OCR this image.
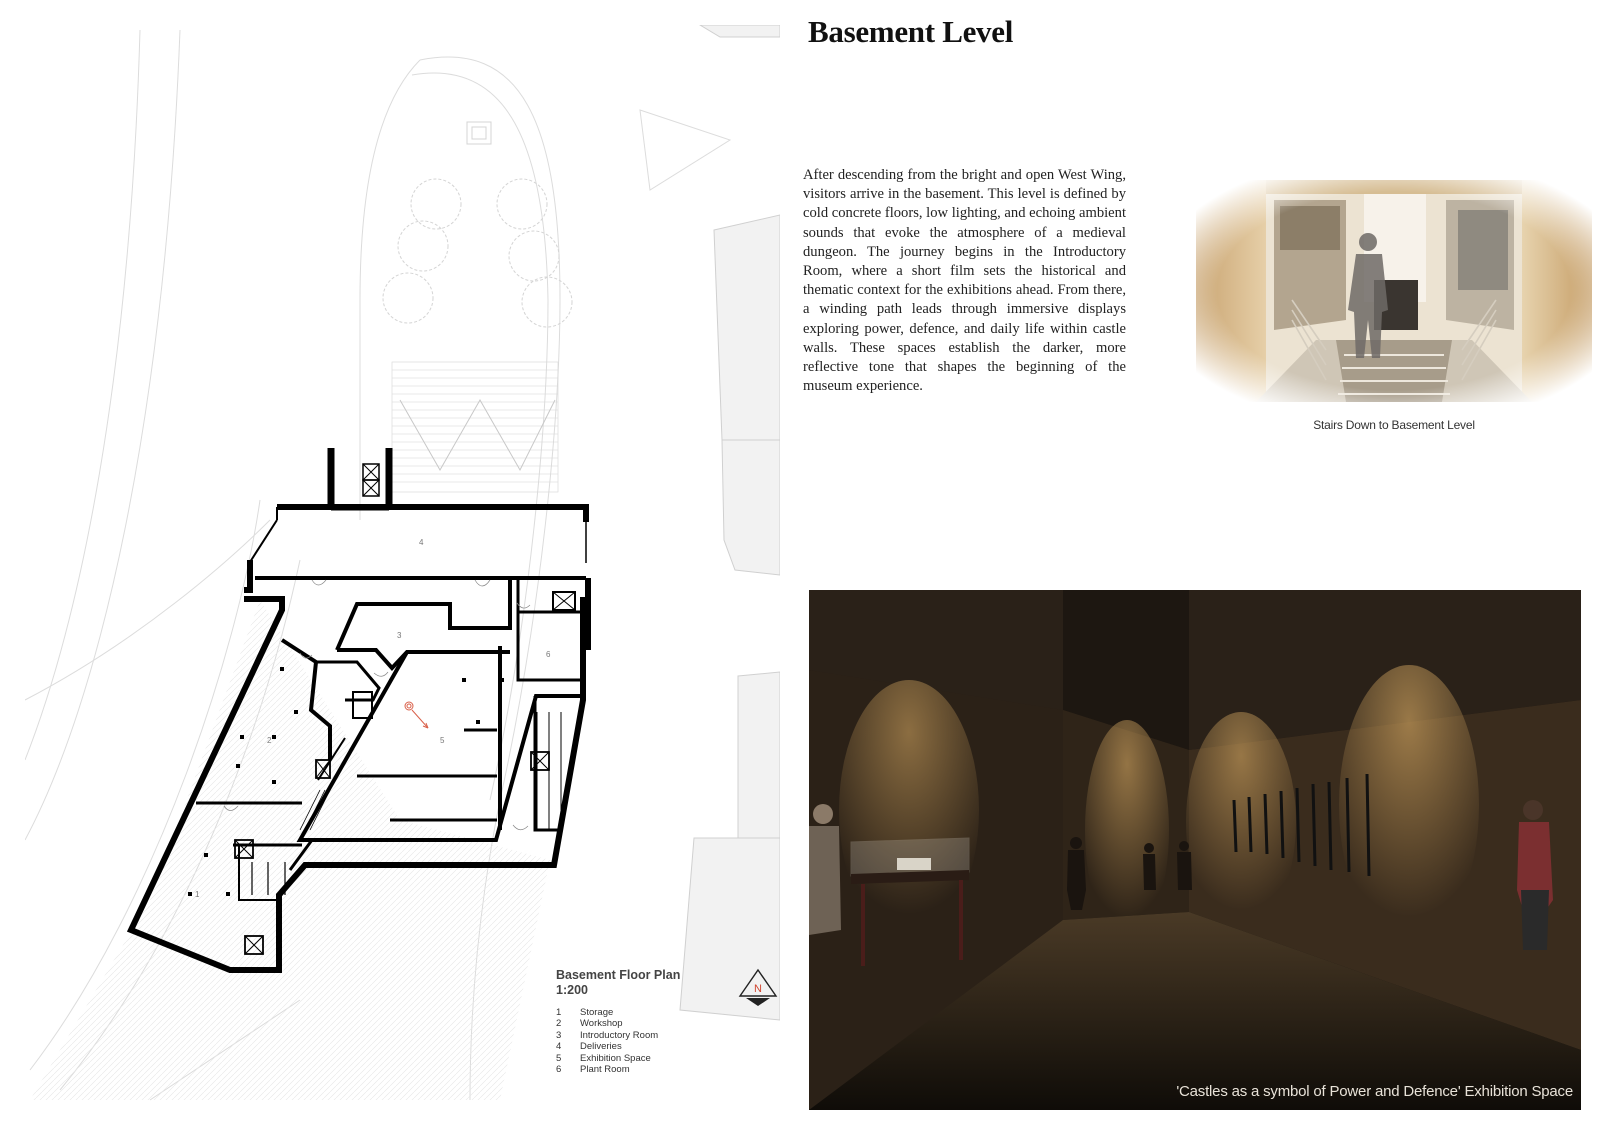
1
2
3
4
5
6
Basement Floor Plan
1:200
1	Storage
2	Workshop
3	Introductory Room
4	Deliveries
5	Exhibition Space
6	Plant Room
N
Basement Level

After descending from the bright and open West Wing, visitors arrive in the basement. This level is defined by cold concrete floors, low lighting, and echoing ambient sounds that evoke the atmosphere of a medieval dungeon. The journey begins in the Introductory Room, where a short film sets the historical and thematic context for the exhibitions ahead. From there, a winding path leads through immersive displays exploring power, defence, and daily life within castle walls. These spaces establish the darker, more reflective tone that shapes the beginning of the museum experience.

Stairs Down to Basement Level
'Castles as a symbol of Power and Defence' Exhibition Space
